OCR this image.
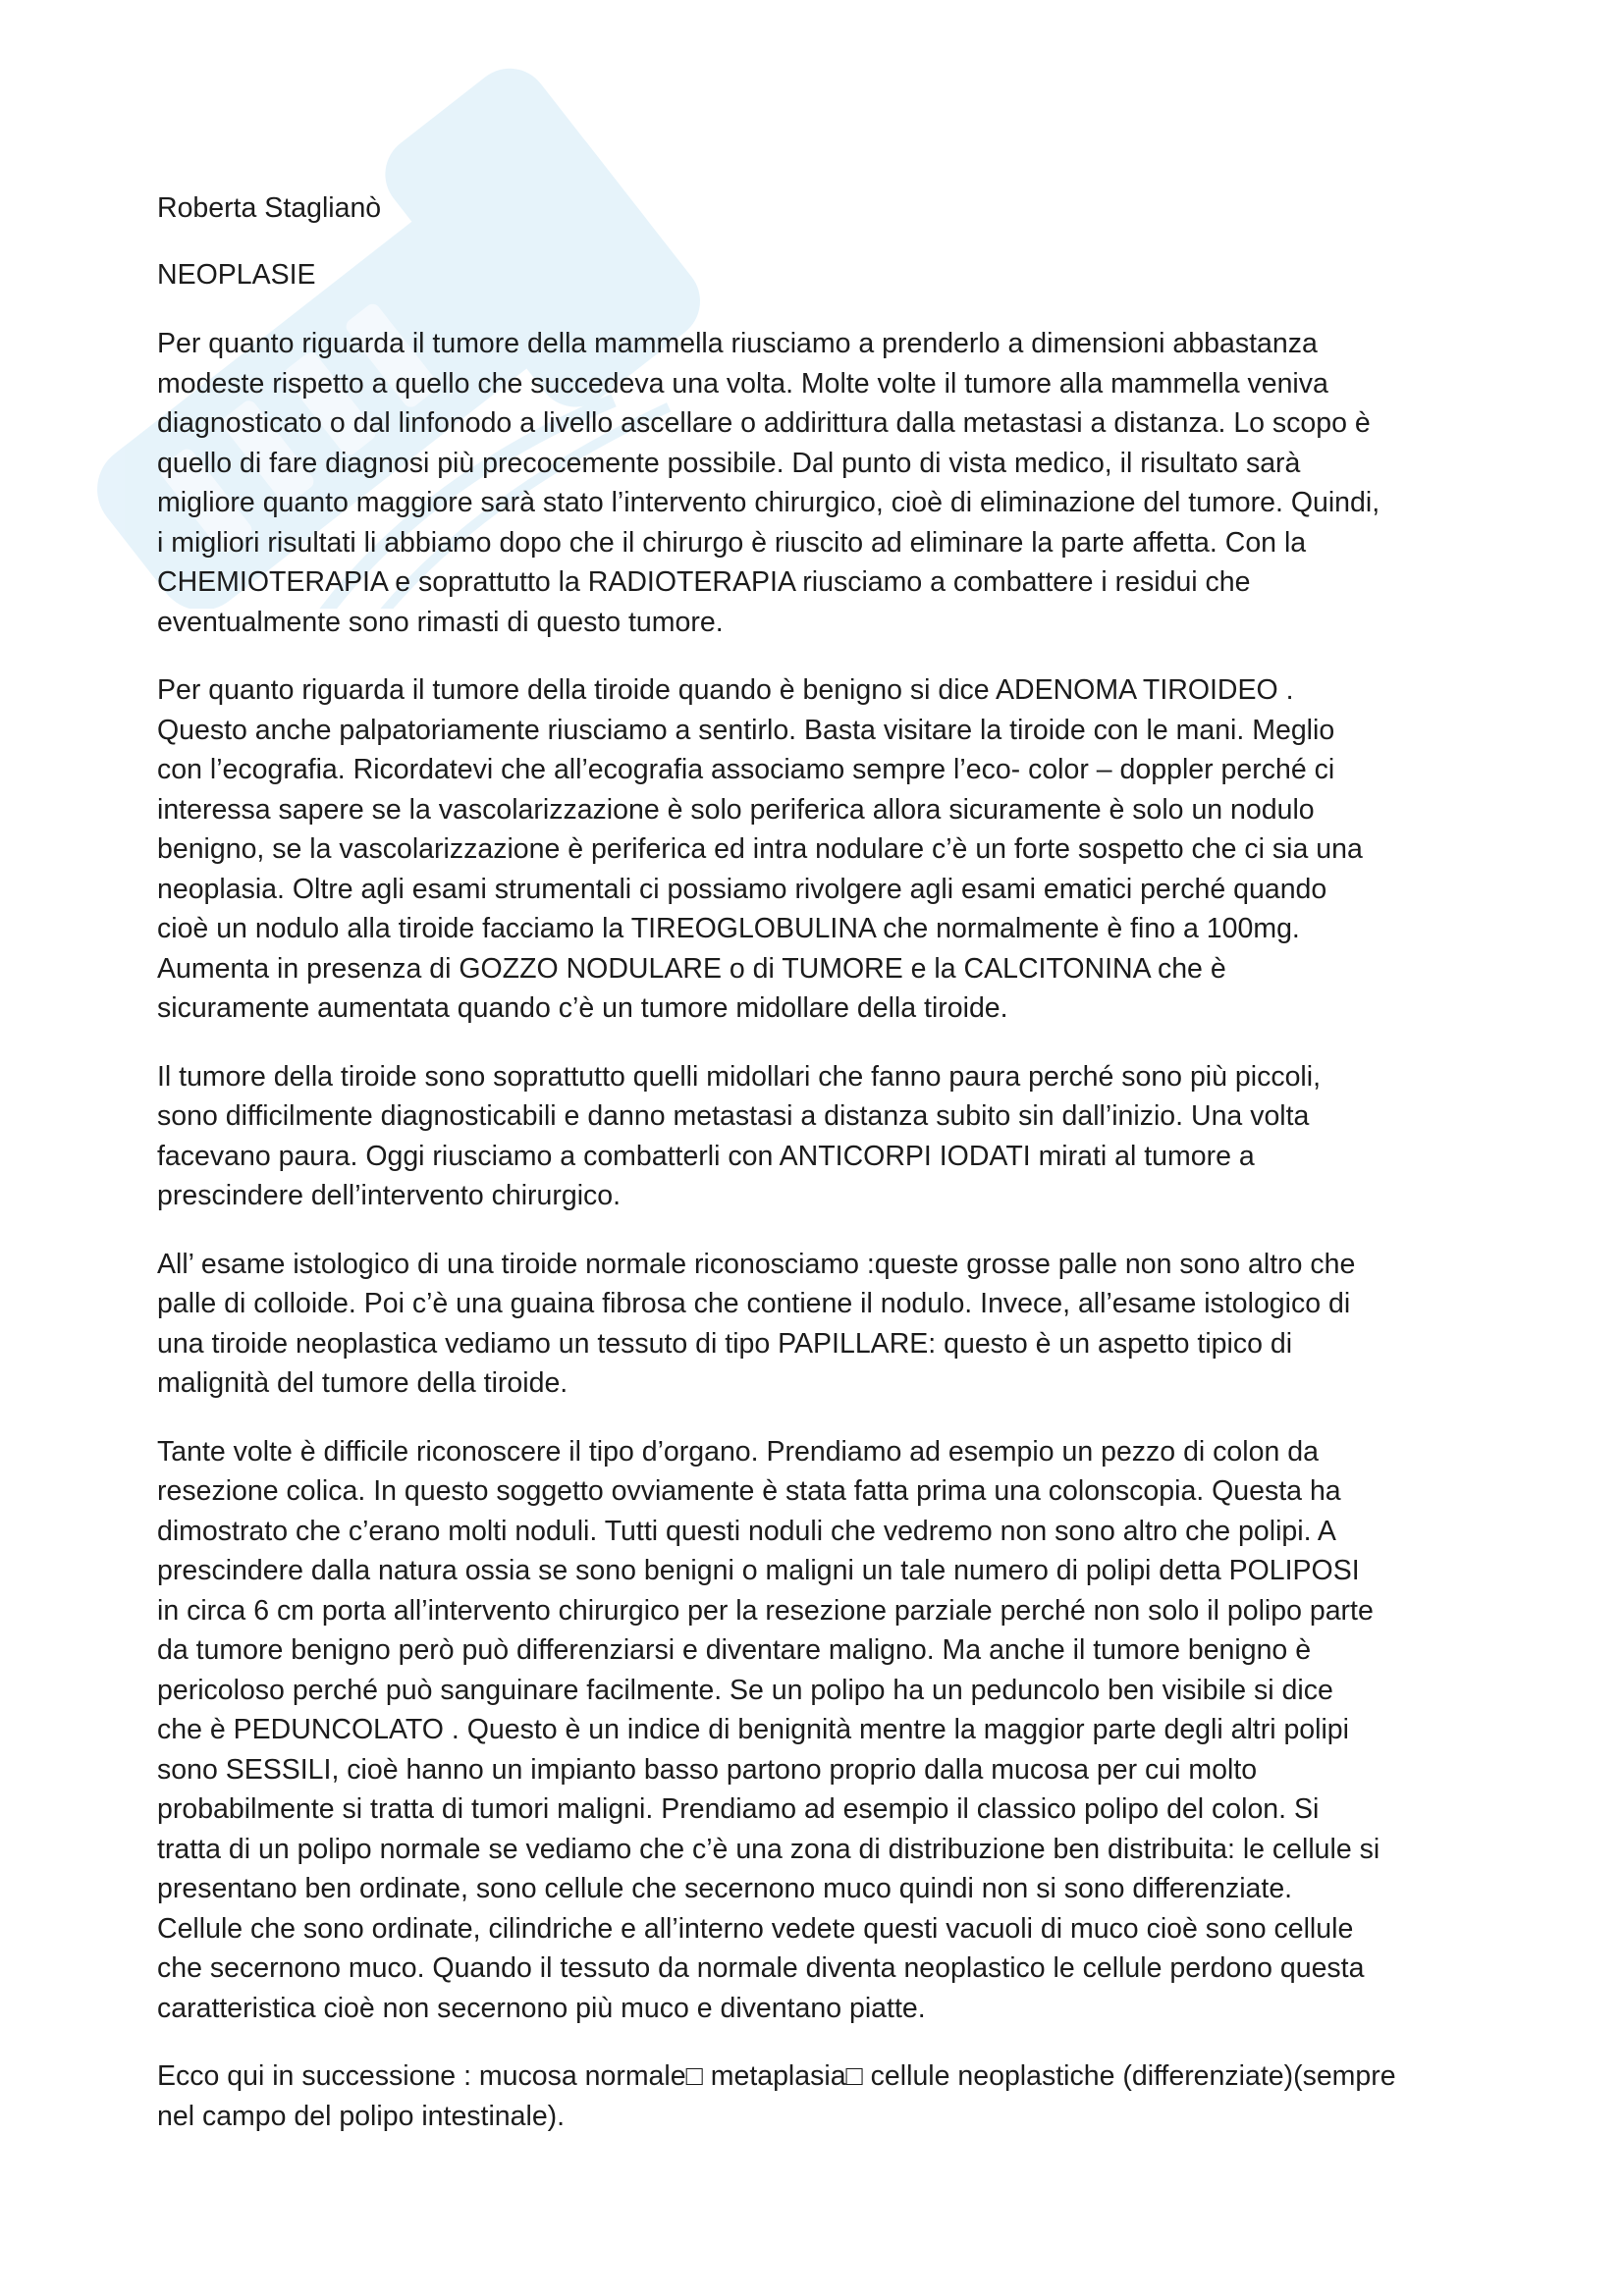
Roberta Staglianò

NEOPLASIE

Per quanto riguarda il tumore della mammella riusciamo a prenderlo a dimensioni abbastanza
modeste rispetto a quello che succedeva una volta. Molte volte il tumore alla mammella veniva
diagnosticato o dal linfonodo a livello ascellare o addirittura dalla metastasi a distanza. Lo scopo è
quello di fare diagnosi più precocemente possibile. Dal punto di vista medico, il risultato sarà
migliore quanto maggiore sarà stato l’intervento chirurgico, cioè di eliminazione del tumore. Quindi,
i migliori risultati li abbiamo dopo che il chirurgo è riuscito ad eliminare la parte affetta. Con la
CHEMIOTERAPIA e soprattutto la RADIOTERAPIA riusciamo a combattere i residui che
eventualmente sono rimasti di questo tumore.

Per quanto riguarda il tumore della tiroide quando è benigno si dice ADENOMA TIROIDEO .
Questo anche palpatoriamente riusciamo a sentirlo. Basta visitare la tiroide con le mani. Meglio
con l’ecografia. Ricordatevi che all’ecografia associamo sempre l’eco- color – doppler perché ci
interessa sapere se la vascolarizzazione è solo periferica allora sicuramente è solo un nodulo
benigno, se la vascolarizzazione è periferica ed intra nodulare c’è un forte sospetto che ci sia una
neoplasia. Oltre agli esami strumentali ci possiamo rivolgere agli esami ematici perché quando
cioè un nodulo alla tiroide facciamo la TIREOGLOBULINA che normalmente è fino a 100mg.
Aumenta in presenza di GOZZO NODULARE o di TUMORE e la CALCITONINA che è
sicuramente aumentata quando c’è un tumore midollare della tiroide.

Il tumore della tiroide sono soprattutto quelli midollari che fanno paura perché sono più piccoli,
sono difficilmente diagnosticabili e danno metastasi a distanza subito sin dall’inizio. Una volta
facevano paura. Oggi riusciamo a combatterli con ANTICORPI IODATI mirati al tumore a
prescindere dell’intervento chirurgico.

All’ esame istologico di una tiroide normale riconosciamo :queste grosse palle non sono altro che
palle di colloide. Poi c’è una guaina fibrosa che contiene il nodulo. Invece, all’esame istologico di
una tiroide neoplastica vediamo un tessuto di tipo PAPILLARE: questo è un aspetto tipico di
malignità del tumore della tiroide.

Tante volte è difficile riconoscere il tipo d’organo. Prendiamo ad esempio un pezzo di colon da
resezione colica. In questo soggetto ovviamente è stata fatta prima una colonscopia. Questa ha
dimostrato che c’erano molti noduli. Tutti questi noduli che vedremo non sono altro che polipi. A
prescindere dalla natura ossia se sono benigni o maligni un tale numero di polipi detta POLIPOSI
in circa 6 cm porta all’intervento chirurgico per la resezione parziale perché non solo il polipo parte
da tumore benigno però può differenziarsi e diventare maligno. Ma anche il tumore benigno è
pericoloso perché può sanguinare facilmente. Se un polipo ha un peduncolo ben visibile si dice
che è PEDUNCOLATO . Questo è un indice di benignità mentre la maggior parte degli altri polipi
sono SESSILI, cioè hanno un impianto basso partono proprio dalla mucosa per cui molto
probabilmente si tratta di tumori maligni. Prendiamo ad esempio il classico polipo del colon. Si
tratta di un polipo normale se vediamo che c’è una zona di distribuzione ben distribuita: le cellule si
presentano ben ordinate, sono cellule che secernono muco quindi non si sono differenziate.
Cellule che sono ordinate, cilindriche e all’interno vedete questi vacuoli di muco cioè sono cellule
che secernono muco. Quando il tessuto da normale diventa neoplastico le cellule perdono questa
caratteristica cioè non secernono più muco e diventano piatte.

Ecco qui in successione : mucosa normale□ metaplasia□ cellule neoplastiche (differenziate)(sempre
nel campo del polipo intestinale).
